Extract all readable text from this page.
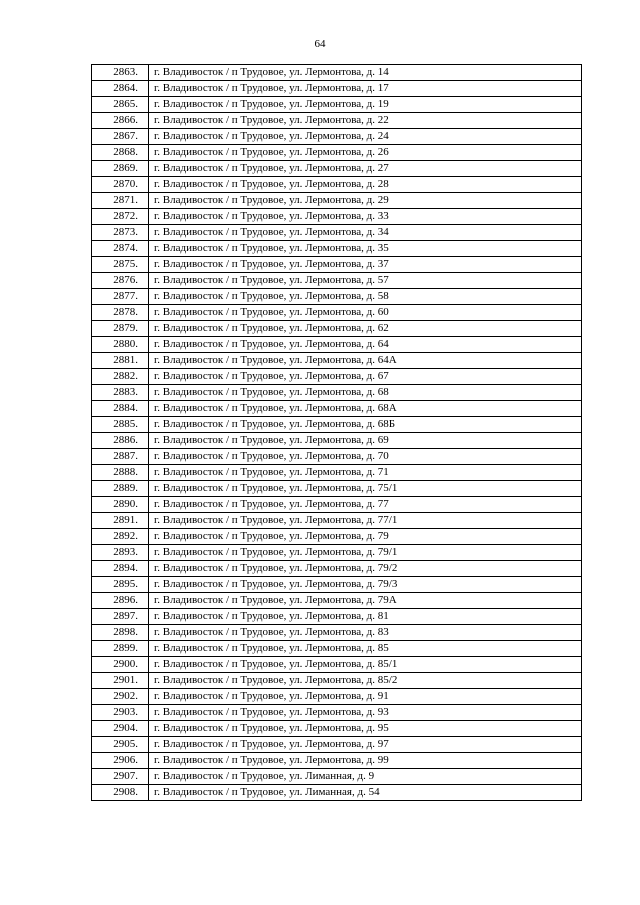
64
2863.	г. Владивосток / п Трудовое, ул. Лермонтова, д. 14
2864.	г. Владивосток / п Трудовое, ул. Лермонтова, д. 17
2865.	г. Владивосток / п Трудовое, ул. Лермонтова, д. 19
2866.	г. Владивосток / п Трудовое, ул. Лермонтова, д. 22
2867.	г. Владивосток / п Трудовое, ул. Лермонтова, д. 24
2868.	г. Владивосток / п Трудовое, ул. Лермонтова, д. 26
2869.	г. Владивосток / п Трудовое, ул. Лермонтова, д. 27
2870.	г. Владивосток / п Трудовое, ул. Лермонтова, д. 28
2871.	г. Владивосток / п Трудовое, ул. Лермонтова, д. 29
2872.	г. Владивосток / п Трудовое, ул. Лермонтова, д. 33
2873.	г. Владивосток / п Трудовое, ул. Лермонтова, д. 34
2874.	г. Владивосток / п Трудовое, ул. Лермонтова, д. 35
2875.	г. Владивосток / п Трудовое, ул. Лермонтова, д. 37
2876.	г. Владивосток / п Трудовое, ул. Лермонтова, д. 57
2877.	г. Владивосток / п Трудовое, ул. Лермонтова, д. 58
2878.	г. Владивосток / п Трудовое, ул. Лермонтова, д. 60
2879.	г. Владивосток / п Трудовое, ул. Лермонтова, д. 62
2880.	г. Владивосток / п Трудовое, ул. Лермонтова, д. 64
2881.	г. Владивосток / п Трудовое, ул. Лермонтова, д. 64А
2882.	г. Владивосток / п Трудовое, ул. Лермонтова, д. 67
2883.	г. Владивосток / п Трудовое, ул. Лермонтова, д. 68
2884.	г. Владивосток / п Трудовое, ул. Лермонтова, д. 68А
2885.	г. Владивосток / п Трудовое, ул. Лермонтова, д. 68Б
2886.	г. Владивосток / п Трудовое, ул. Лермонтова, д. 69
2887.	г. Владивосток / п Трудовое, ул. Лермонтова, д. 70
2888.	г. Владивосток / п Трудовое, ул. Лермонтова, д. 71
2889.	г. Владивосток / п Трудовое, ул. Лермонтова, д. 75/1
2890.	г. Владивосток / п Трудовое, ул. Лермонтова, д. 77
2891.	г. Владивосток / п Трудовое, ул. Лермонтова, д. 77/1
2892.	г. Владивосток / п Трудовое, ул. Лермонтова, д. 79
2893.	г. Владивосток / п Трудовое, ул. Лермонтова, д. 79/1
2894.	г. Владивосток / п Трудовое, ул. Лермонтова, д. 79/2
2895.	г. Владивосток / п Трудовое, ул. Лермонтова, д. 79/3
2896.	г. Владивосток / п Трудовое, ул. Лермонтова, д. 79А
2897.	г. Владивосток / п Трудовое, ул. Лермонтова, д. 81
2898.	г. Владивосток / п Трудовое, ул. Лермонтова, д. 83
2899.	г. Владивосток / п Трудовое, ул. Лермонтова, д. 85
2900.	г. Владивосток / п Трудовое, ул. Лермонтова, д. 85/1
2901.	г. Владивосток / п Трудовое, ул. Лермонтова, д. 85/2
2902.	г. Владивосток / п Трудовое, ул. Лермонтова, д. 91
2903.	г. Владивосток / п Трудовое, ул. Лермонтова, д. 93
2904.	г. Владивосток / п Трудовое, ул. Лермонтова, д. 95
2905.	г. Владивосток / п Трудовое, ул. Лермонтова, д. 97
2906.	г. Владивосток / п Трудовое, ул. Лермонтова, д. 99
2907.	г. Владивосток / п Трудовое, ул. Лиманная, д. 9
2908.	г. Владивосток / п Трудовое, ул. Лиманная, д. 54
